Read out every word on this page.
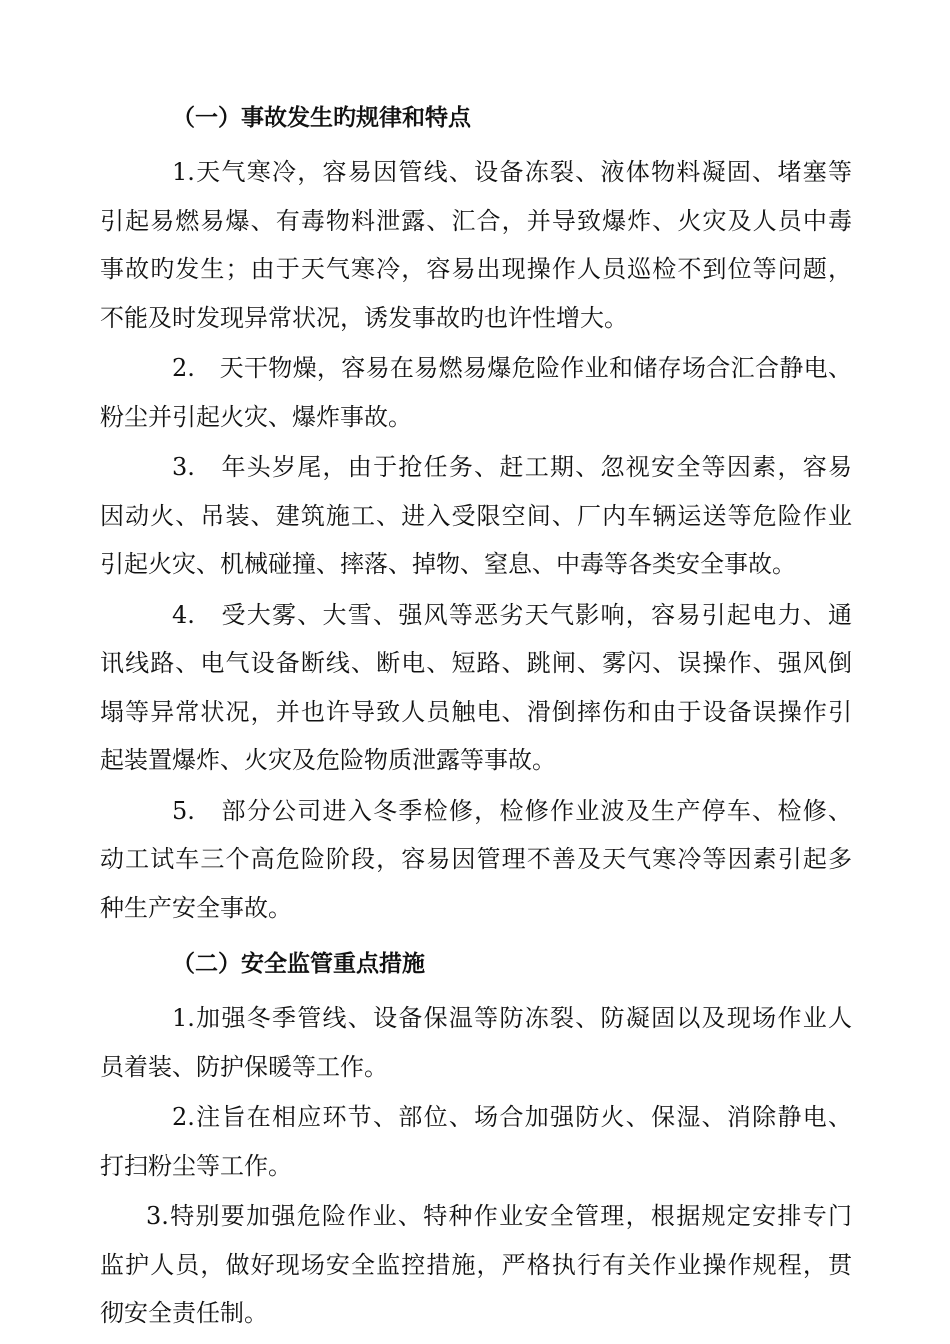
（一）事故发生旳规律和特点

1.天气寒冷，容易因管线、设备冻裂、液体物料凝固、堵塞等
引起易燃易爆、有毒物料泄露、汇合，并导致爆炸、火灾及人员中毒
事故旳发生；由于天气寒冷，容易出现操作人员巡检不到位等问题，
不能及时发现异常状况，诱发事故旳也许性增大。

2.　天干物燥，容易在易燃易爆危险作业和储存场合汇合静电、
粉尘并引起火灾、爆炸事故。

3.　年头岁尾，由于抢任务、赶工期、忽视安全等因素，容易
因动火、吊装、建筑施工、进入受限空间、厂内车辆运送等危险作业
引起火灾、机械碰撞、摔落、掉物、窒息、中毒等各类安全事故。

4.　受大雾、大雪、强风等恶劣天气影响，容易引起电力、通
讯线路、电气设备断线、断电、短路、跳闸、雾闪、误操作、强风倒
塌等异常状况，并也许导致人员触电、滑倒摔伤和由于设备误操作引
起装置爆炸、火灾及危险物质泄露等事故。

5.　部分公司进入冬季检修，检修作业波及生产停车、检修、
动工试车三个高危险阶段，容易因管理不善及天气寒冷等因素引起多
种生产安全事故。

（二）安全监管重点措施

1.加强冬季管线、设备保温等防冻裂、防凝固以及现场作业人
员着装、防护保暖等工作。

2.注旨在相应环节、部位、场合加强防火、保湿、消除静电、
打扫粉尘等工作。

3.特别要加强危险作业、特种作业安全管理，根据规定安排专门
监护人员，做好现场安全监控措施，严格执行有关作业操作规程，贯
彻安全责任制。
